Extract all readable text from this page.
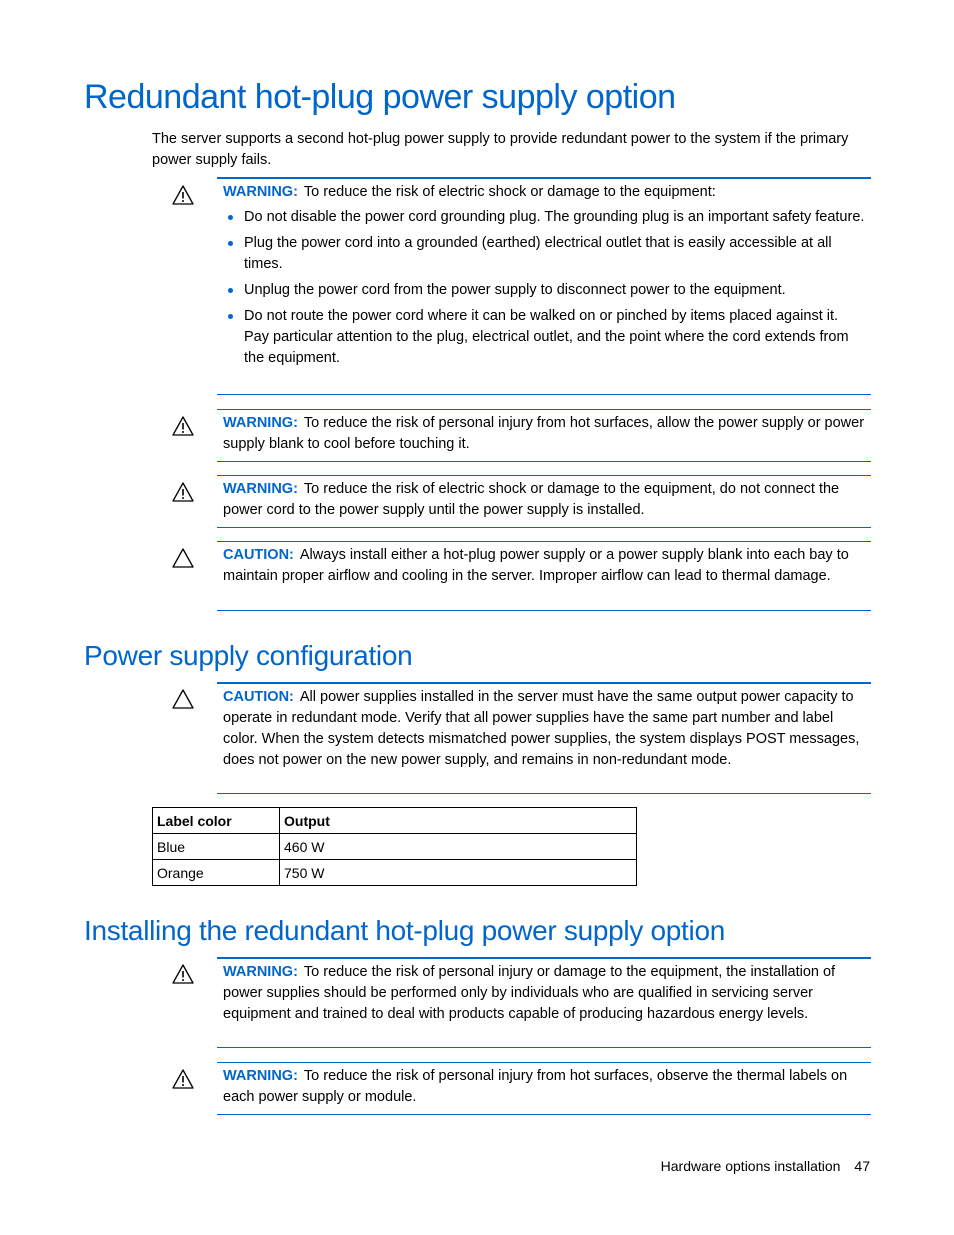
Redundant hot-plug power supply option

The server supports a second hot-plug power supply to provide redundant power to the system if the primary power supply fails.

WARNING: To reduce the risk of electric shock or damage to the equipment:
Do not disable the power cord grounding plug. The grounding plug is an important safety feature.
Plug the power cord into a grounded (earthed) electrical outlet that is easily accessible at all times.
Unplug the power cord from the power supply to disconnect power to the equipment.
Do not route the power cord where it can be walked on or pinched by items placed against it. Pay particular attention to the plug, electrical outlet, and the point where the cord extends from the equipment.
WARNING: To reduce the risk of personal injury from hot surfaces, allow the power supply or power supply blank to cool before touching it.
WARNING: To reduce the risk of electric shock or damage to the equipment, do not connect the power cord to the power supply until the power supply is installed.
CAUTION: Always install either a hot-plug power supply or a power supply blank into each bay to maintain proper airflow and cooling in the server. Improper airflow can lead to thermal damage.
Power supply configuration
CAUTION: All power supplies installed in the server must have the same output power capacity to operate in redundant mode. Verify that all power supplies have the same part number and label color. When the system detects mismatched power supplies, the system displays POST messages, does not power on the new power supply, and remains in non-redundant mode.
Label color	Output
Blue	460 W
Orange	750 W
Installing the redundant hot-plug power supply option
WARNING: To reduce the risk of personal injury or damage to the equipment, the installation of power supplies should be performed only by individuals who are qualified in servicing server equipment and trained to deal with products capable of producing hazardous energy levels.
WARNING: To reduce the risk of personal injury from hot surfaces, observe the thermal labels on each power supply or module.
Hardware options installation 47
